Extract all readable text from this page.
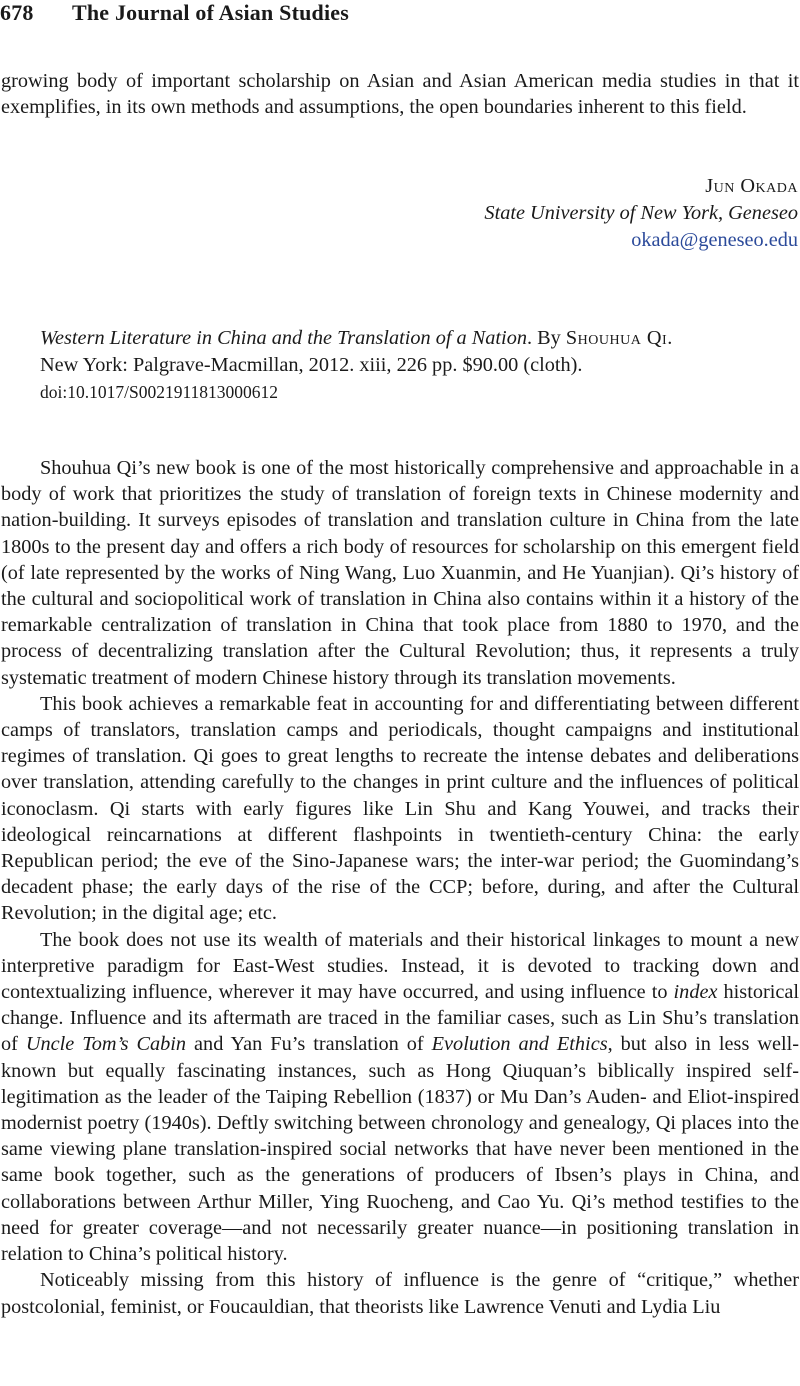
678 The Journal of Asian Studies
growing body of important scholarship on Asian and Asian American media studies in that it exemplifies, in its own methods and assumptions, the open boundaries inherent to this field.
Jun Okada
State University of New York, Geneseo
okada@geneseo.edu
Western Literature in China and the Translation of a Nation. By Shouhua Qi.
New York: Palgrave-Macmillan, 2012. xiii, 226 pp. $90.00 (cloth).
doi:10.1017/S0021911813000612

Shouhua Qi’s new book is one of the most historically comprehensive and approachable in a body of work that prioritizes the study of translation of foreign texts in Chinese modernity and nation-building. It surveys episodes of translation and translation culture in China from the late 1800s to the present day and offers a rich body of resources for scholarship on this emergent field (of late represented by the works of Ning Wang, Luo Xuanmin, and He Yuanjian). Qi’s history of the cultural and sociopolitical work of translation in China also contains within it a history of the remarkable centralization of translation in China that took place from 1880 to 1970, and the process of decentralizing translation after the Cultural Revolution; thus, it represents a truly systematic treatment of modern Chinese history through its translation movements.

This book achieves a remarkable feat in accounting for and differentiating between different camps of translators, translation camps and periodicals, thought campaigns and institutional regimes of translation. Qi goes to great lengths to recreate the intense debates and deliberations over translation, attending carefully to the changes in print culture and the influences of political iconoclasm. Qi starts with early figures like Lin Shu and Kang Youwei, and tracks their ideological reincarnations at different flashpoints in twentieth-century China: the early Republican period; the eve of the Sino-Japanese wars; the inter-war period; the Guomindang’s decadent phase; the early days of the rise of the CCP; before, during, and after the Cultural Revolution; in the digital age; etc.

The book does not use its wealth of materials and their historical linkages to mount a new interpretive paradigm for East-West studies. Instead, it is devoted to tracking down and contextualizing influence, wherever it may have occurred, and using influence to index historical change. Influence and its aftermath are traced in the familiar cases, such as Lin Shu’s translation of Uncle Tom’s Cabin and Yan Fu’s translation of Evolution and Ethics, but also in less well-known but equally fascinating instances, such as Hong Qiuquan’s biblically inspired self-legitimation as the leader of the Taiping Rebellion (1837) or Mu Dan’s Auden- and Eliot-inspired modernist poetry (1940s). Deftly switching between chronology and genealogy, Qi places into the same viewing plane translation-inspired social networks that have never been mentioned in the same book together, such as the generations of producers of Ibsen’s plays in China, and collaborations between Arthur Miller, Ying Ruocheng, and Cao Yu. Qi’s method testifies to the need for greater coverage—and not necessarily greater nuance—in positioning translation in relation to China’s political history.

Noticeably missing from this history of influence is the genre of “critique,” whether postcolonial, feminist, or Foucauldian, that theorists like Lawrence Venuti and Lydia Liu
